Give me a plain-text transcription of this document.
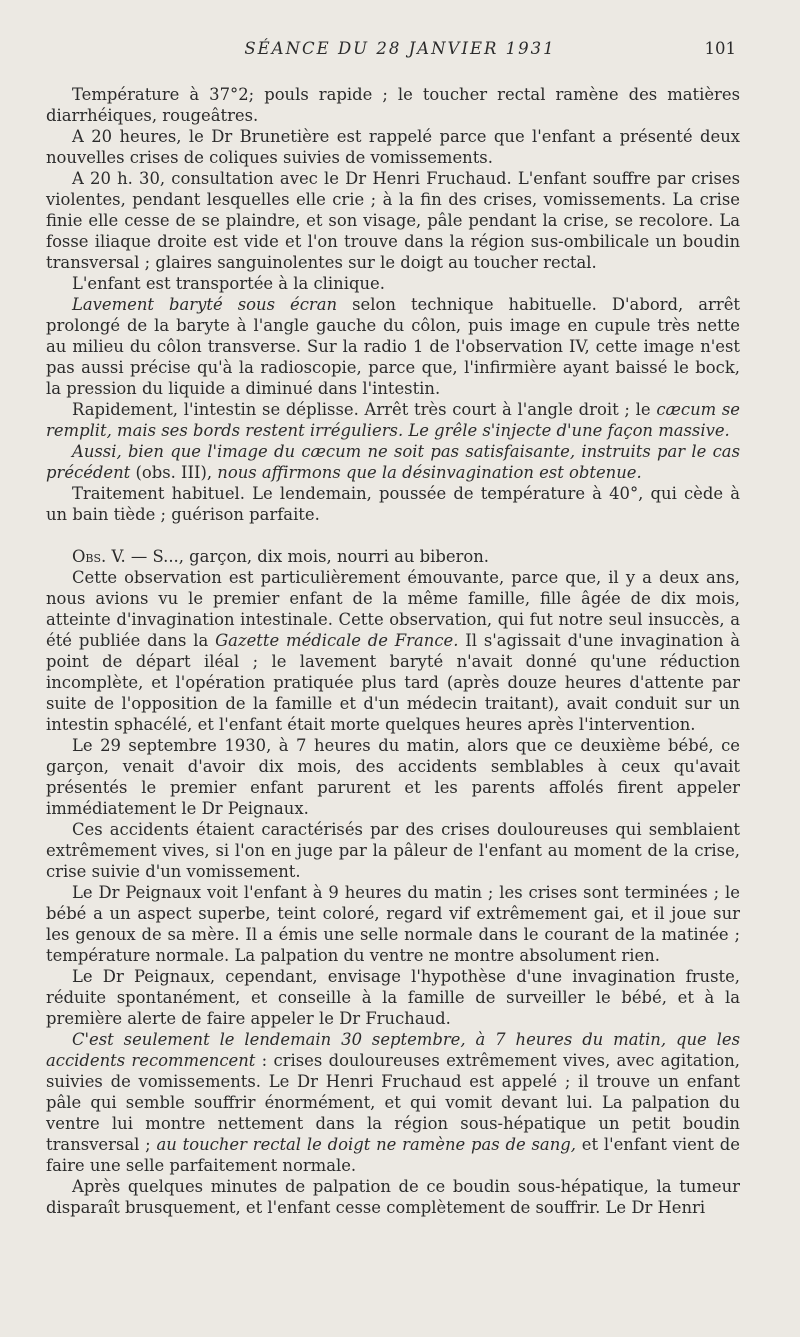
SÉANCE DU 28 JANVIER 1931	101

Température à 37°2; pouls rapide ; le toucher rectal ramène des matières diarrhéiques, rougeâtres.

A 20 heures, le Dr Brunetière est rappelé parce que l'enfant a présenté deux nouvelles crises de coliques suivies de vomissements.

A 20 h. 30, consultation avec le Dr Henri Fruchaud. L'enfant souffre par crises violentes, pendant lesquelles elle crie ; à la fin des crises, vomissements. La crise finie elle cesse de se plaindre, et son visage, pâle pendant la crise, se recolore. La fosse iliaque droite est vide et l'on trouve dans la région sus-ombilicale un boudin transversal ; glaires sanguinolentes sur le doigt au toucher rectal.

L'enfant est transportée à la clinique.

Lavement baryté sous écran selon technique habituelle. D'abord, arrêt prolongé de la baryte à l'angle gauche du côlon, puis image en cupule très nette au milieu du côlon transverse. Sur la radio 1 de l'observation IV, cette image n'est pas aussi précise qu'à la radioscopie, parce que, l'infirmière ayant baissé le bock, la pression du liquide a diminué dans l'intestin.

Rapidement, l'intestin se déplisse. Arrêt très court à l'angle droit ; le cæcum se remplit, mais ses bords restent irréguliers. Le grêle s'injecte d'une façon massive.

Aussi, bien que l'image du cæcum ne soit pas satisfaisante, instruits par le cas précédent (obs. III), nous affirmons que la désinvagination est obtenue.

Traitement habituel. Le lendemain, poussée de température à 40°, qui cède à un bain tiède ; guérison parfaite.

Obs. V. — S..., garçon, dix mois, nourri au biberon.

Cette observation est particulièrement émouvante, parce que, il y a deux ans, nous avions vu le premier enfant de la même famille, fille âgée de dix mois, atteinte d'invagination intestinale. Cette observation, qui fut notre seul insuccès, a été publiée dans la Gazette médicale de France. Il s'agissait d'une invagination à point de départ iléal ; le lavement baryté n'avait donné qu'une réduction incomplète, et l'opération pratiquée plus tard (après douze heures d'attente par suite de l'opposition de la famille et d'un médecin traitant), avait conduit sur un intestin sphacélé, et l'enfant était morte quelques heures après l'intervention.

Le 29 septembre 1930, à 7 heures du matin, alors que ce deuxième bébé, ce garçon, venait d'avoir dix mois, des accidents semblables à ceux qu'avait présentés le premier enfant parurent et les parents affolés firent appeler immédiatement le Dr Peignaux.

Ces accidents étaient caractérisés par des crises douloureuses qui semblaient extrêmement vives, si l'on en juge par la pâleur de l'enfant au moment de la crise, crise suivie d'un vomissement.

Le Dr Peignaux voit l'enfant à 9 heures du matin ; les crises sont terminées ; le bébé a un aspect superbe, teint coloré, regard vif extrêmement gai, et il joue sur les genoux de sa mère. Il a émis une selle normale dans le courant de la matinée ; température normale. La palpation du ventre ne montre absolument rien.

Le Dr Peignaux, cependant, envisage l'hypothèse d'une invagination fruste, réduite spontanément, et conseille à la famille de surveiller le bébé, et à la première alerte de faire appeler le Dr Fruchaud.

C'est seulement le lendemain 30 septembre, à 7 heures du matin, que les accidents recommencent : crises douloureuses extrêmement vives, avec agitation, suivies de vomissements. Le Dr Henri Fruchaud est appelé ; il trouve un enfant pâle qui semble souffrir énormément, et qui vomit devant lui. La palpation du ventre lui montre nettement dans la région sous-hépatique un petit boudin transversal ; au toucher rectal le doigt ne ramène pas de sang, et l'enfant vient de faire une selle parfaitement normale.

Après quelques minutes de palpation de ce boudin sous-hépatique, la tumeur disparaît brusquement, et l'enfant cesse complètement de souffrir. Le Dr Henri
